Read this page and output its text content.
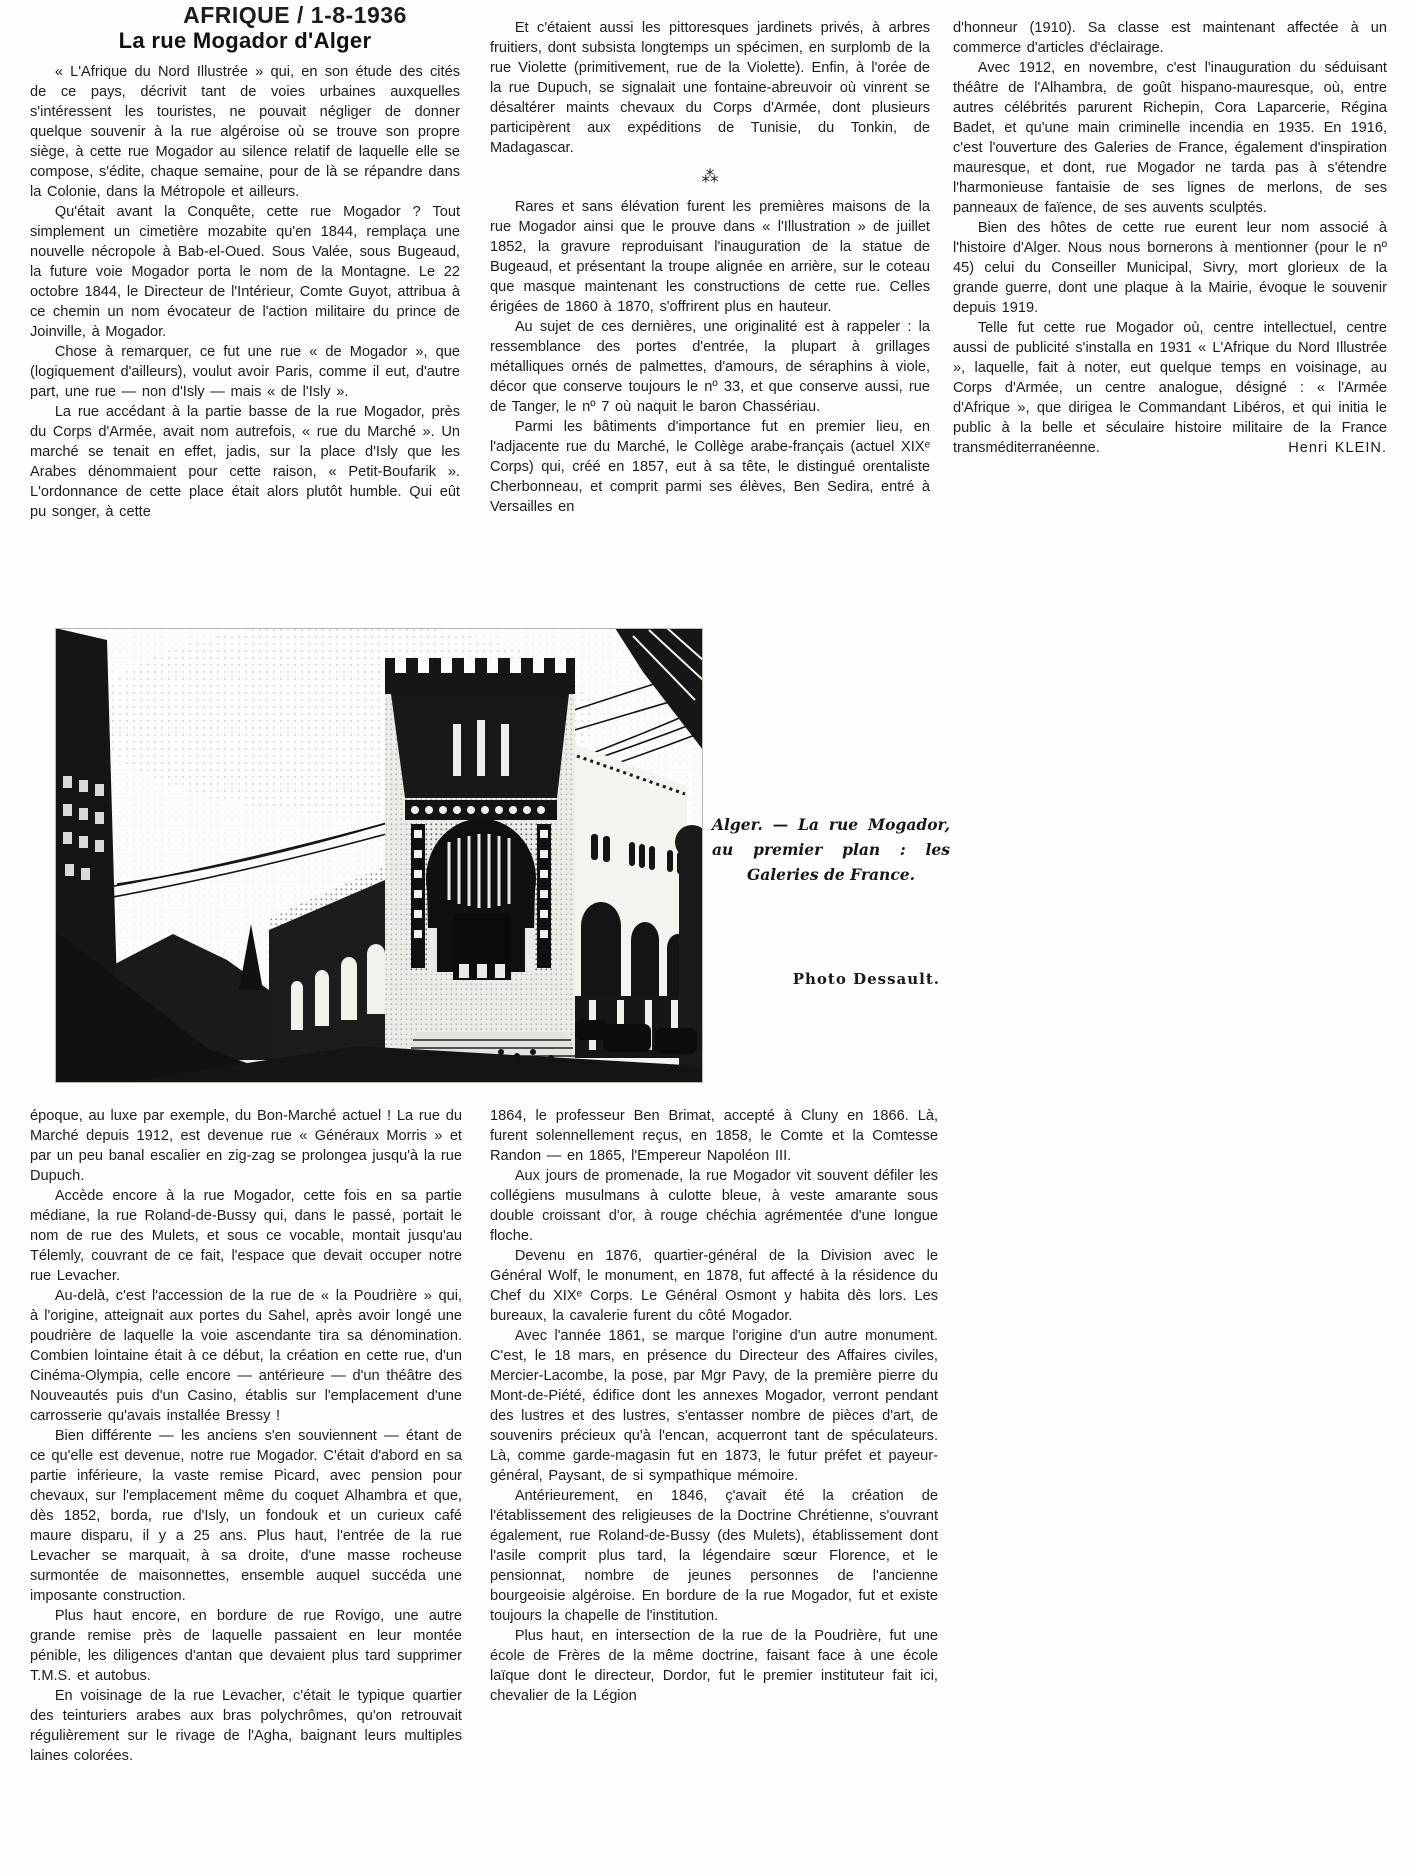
AFRIQUE / 1-8-1936
La rue Mogador d'Alger

« L'Afrique du Nord Illustrée » qui, en son étude des cités de ce pays, décrivit tant de voies urbaines auxquelles s'intéressent les touristes, ne pouvait négliger de donner quelque souvenir à la rue algéroise où se trouve son propre siège, à cette rue Mogador au silence relatif de laquelle elle se compose, s'édite, chaque semaine, pour de là se répandre dans la Colonie, dans la Métropole et ailleurs.

Qu'était avant la Conquête, cette rue Mogador ? Tout simplement un cimetière mozabite qu'en 1844, remplaça une nouvelle nécropole à Bab-el-Oued. Sous Valée, sous Bugeaud, la future voie Mogador porta le nom de la Montagne. Le 22 octobre 1844, le Directeur de l'Intérieur, Comte Guyot, attribua à ce chemin un nom évocateur de l'action militaire du prince de Joinville, à Mogador.

Chose à remarquer, ce fut une rue « de Mogador », que (logiquement d'ailleurs), voulut avoir Paris, comme il eut, d'autre part, une rue — non d'Isly — mais « de l'Isly ».

La rue accédant à la partie basse de la rue Mogador, près du Corps d'Armée, avait nom autrefois, « rue du Marché ». Un marché se tenait en effet, jadis, sur la place d'Isly que les Arabes dénommaient pour cette raison, « Petit-Boufarik ». L'ordonnance de cette place était alors plutôt humble. Qui eût pu songer, à cette

Et c'étaient aussi les pittoresques jardinets privés, à arbres fruitiers, dont subsista longtemps un spécimen, en surplomb de la rue Violette (primitivement, rue de la Violette). Enfin, à l'orée de la rue Dupuch, se signalait une fontaine-abreuvoir où vinrent se désaltérer maints chevaux du Corps d'Armée, dont plusieurs participèrent aux expéditions de Tunisie, du Tonkin, de Madagascar.

⁂

Rares et sans élévation furent les premières maisons de la rue Mogador ainsi que le prouve dans « l'Illustration » de juillet 1852, la gravure reproduisant l'inauguration de la statue de Bugeaud, et présentant la troupe alignée en arrière, sur le coteau que masque maintenant les constructions de cette rue. Celles érigées de 1860 à 1870, s'offrirent plus en hauteur.

Au sujet de ces dernières, une originalité est à rappeler : la ressemblance des portes d'entrée, la plupart à grillages métalliques ornés de palmettes, d'amours, de séraphins à viole, décor que conserve toujours le nº 33, et que conserve aussi, rue de Tanger, le nº 7 où naquit le baron Chassériau.

Parmi les bâtiments d'importance fut en premier lieu, en l'adjacente rue du Marché, le Collège arabe-français (actuel XIXᵉ Corps) qui, créé en 1857, eut à sa tête, le distingué orentaliste Cherbonneau, et comprit parmi ses élèves, Ben Sedira, entré à Versailles en

d'honneur (1910). Sa classe est maintenant affectée à un commerce d'articles d'éclairage.

Avec 1912, en novembre, c'est l'inauguration du séduisant théâtre de l'Alhambra, de goût hispano-mauresque, où, entre autres célébrités parurent Richepin, Cora Laparcerie, Régina Badet, et qu'une main criminelle incendia en 1935. En 1916, c'est l'ouverture des Galeries de France, également d'inspiration mauresque, et dont, rue Mogador ne tarda pas à s'étendre l'harmonieuse fantaisie de ses lignes de merlons, de ses panneaux de faïence, de ses auvents sculptés.

Bien des hôtes de cette rue eurent leur nom associé à l'histoire d'Alger. Nous nous bornerons à mentionner (pour le nº 45) celui du Conseiller Municipal, Sivry, mort glorieux de la grande guerre, dont une plaque à la Mairie, évoque le souvenir depuis 1919.

Telle fut cette rue Mogador où, centre intellectuel, centre aussi de publicité s'installa en 1931 « L'Afrique du Nord Illustrée », laquelle, fait à noter, eut quelque temps en voisinage, au Corps d'Armée, un centre analogue, désigné : « l'Armée d'Afrique », que dirigea le Commandant Libéros, et qui initia le public à la belle et séculaire histoire militaire de la France transméditerranéenne.	Henri KLEIN.

Alger. — La rue Mogador, au premier plan : les Galeries de France.
Photo Dessault.

époque, au luxe par exemple, du Bon-Marché actuel ! La rue du Marché depuis 1912, est devenue rue « Généraux Morris » et par un peu banal escalier en zig-zag se prolongea jusqu'à la rue Dupuch.

Accède encore à la rue Mogador, cette fois en sa partie médiane, la rue Roland-de-Bussy qui, dans le passé, portait le nom de rue des Mulets, et sous ce vocable, montait jusqu'au Télemly, couvrant de ce fait, l'espace que devait occuper notre rue Levacher.

Au-delà, c'est l'accession de la rue de « la Poudrière » qui, à l'origine, atteignait aux portes du Sahel, après avoir longé une poudrière de laquelle la voie ascendante tira sa dénomination. Combien lointaine était à ce début, la création en cette rue, d'un Cinéma-Olympia, celle encore — antérieure — d'un théâtre des Nouveautés puis d'un Casino, établis sur l'emplacement d'une carrosserie qu'avais installée Bressy !

Bien différente — les anciens s'en souviennent — étant de ce qu'elle est devenue, notre rue Mogador. C'était d'abord en sa partie inférieure, la vaste remise Picard, avec pension pour chevaux, sur l'emplacement même du coquet Alhambra et que, dès 1852, borda, rue d'Isly, un fondouk et un curieux café maure disparu, il y a 25 ans. Plus haut, l'entrée de la rue Levacher se marquait, à sa droite, d'une masse rocheuse surmontée de maisonnettes, ensemble auquel succéda une imposante construction.

Plus haut encore, en bordure de rue Rovigo, une autre grande remise près de laquelle passaient en leur montée pénible, les diligences d'antan que devaient plus tard supprimer T.M.S. et autobus.

En voisinage de la rue Levacher, c'était le typique quartier des teinturiers arabes aux bras polychrômes, qu'on retrouvait régulièrement sur le rivage de l'Agha, baignant leurs multiples laines colorées.

1864, le professeur Ben Brimat, accepté à Cluny en 1866. Là, furent solennellement reçus, en 1858, le Comte et la Comtesse Randon — en 1865, l'Empereur Napoléon III.

Aux jours de promenade, la rue Mogador vit souvent défiler les collégiens musulmans à culotte bleue, à veste amarante sous double croissant d'or, à rouge chéchia agrémentée d'une longue floche.

Devenu en 1876, quartier-général de la Division avec le Général Wolf, le monument, en 1878, fut affecté à la résidence du Chef du XIXᵉ Corps. Le Général Osmont y habita dès lors. Les bureaux, la cavalerie furent du côté Mogador.

Avec l'année 1861, se marque l'origine d'un autre monument. C'est, le 18 mars, en présence du Directeur des Affaires civiles, Mercier-Lacombe, la pose, par Mgr Pavy, de la première pierre du Mont-de-Piété, édifice dont les annexes Mogador, verront pendant des lustres et des lustres, s'entasser nombre de pièces d'art, de souvenirs précieux qu'à l'encan, acquerront tant de spéculateurs. Là, comme garde-magasin fut en 1873, le futur préfet et payeur-général, Paysant, de si sympathique mémoire.

Antérieurement, en 1846, ç'avait été la création de l'établissement des religieuses de la Doctrine Chrétienne, s'ouvrant également, rue Roland-de-Bussy (des Mulets), établissement dont l'asile comprit plus tard, la légendaire sœur Florence, et le pensionnat, nombre de jeunes personnes de l'ancienne bourgeoisie algéroise. En bordure de la rue Mogador, fut et existe toujours la chapelle de l'institution.

Plus haut, en intersection de la rue de la Poudrière, fut une école de Frères de la même doctrine, faisant face à une école laïque dont le directeur, Dordor, fut le premier instituteur fait ici, chevalier de la Légion
